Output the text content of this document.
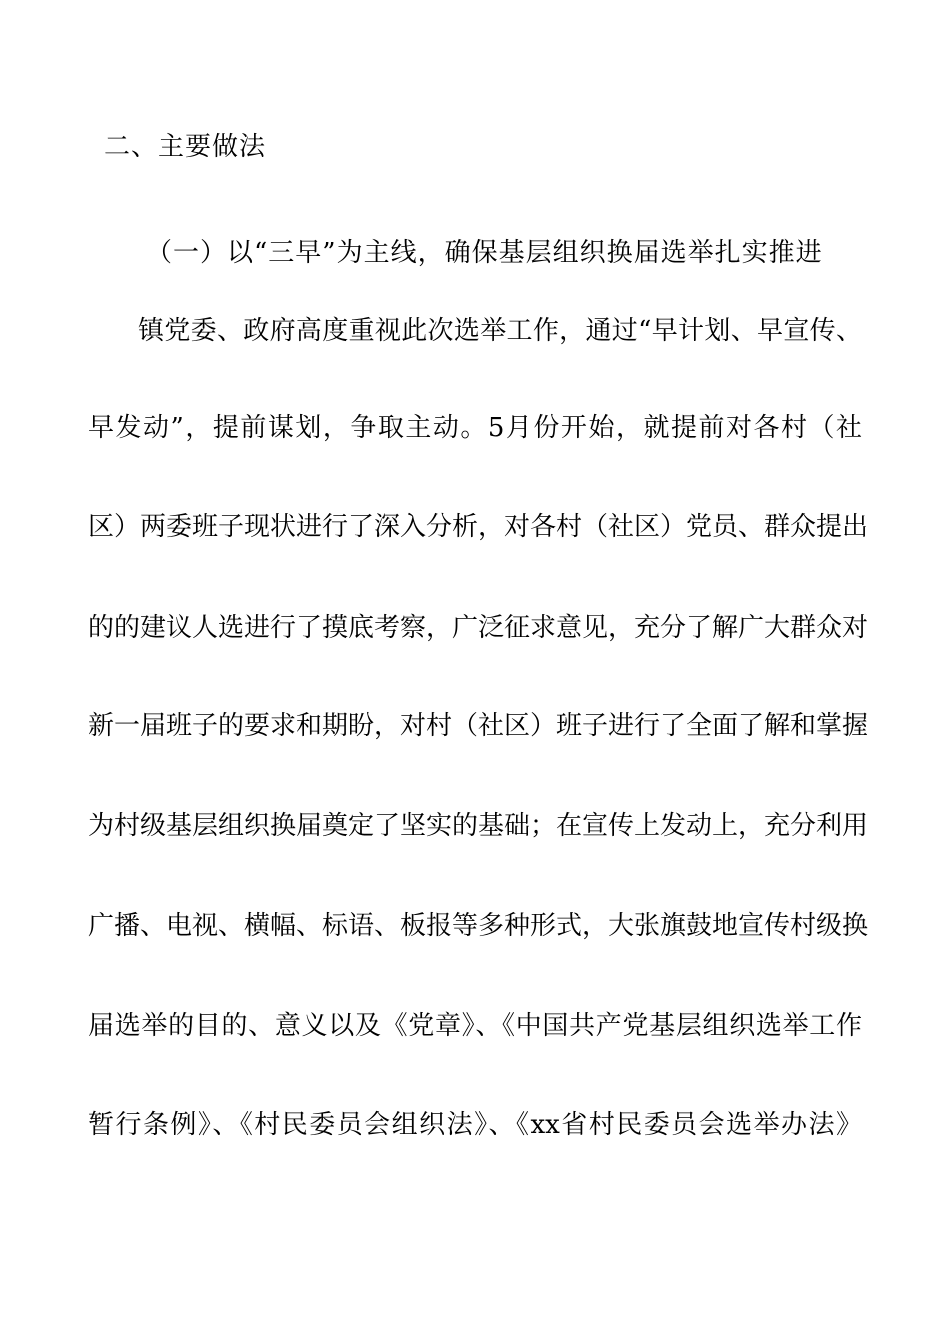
二、主要做法
（一）以“三早”为主线，确保基层组织换届选举扎实推进
镇党委、政府高度重视此次选举工作，通过“早计划、早宣传、
早发动”，提前谋划，争取主动。5月份开始，就提前对各村（社
区）两委班子现状进行了深入分析，对各村（社区）党员、群众提出
的的建议人选进行了摸底考察，广泛征求意见，充分了解广大群众对
新一届班子的要求和期盼，对村（社区）班子进行了全面了解和掌握
为村级基层组织换届奠定了坚实的基础；在宣传上发动上，充分利用
广播、电视、横幅、标语、板报等多种形式，大张旗鼓地宣传村级换
届选举的目的、意义以及《党章》、《中国共产党基层组织选举工作
暂行条例》、《村民委员会组织法》、《xx省村民委员会选举办法》
